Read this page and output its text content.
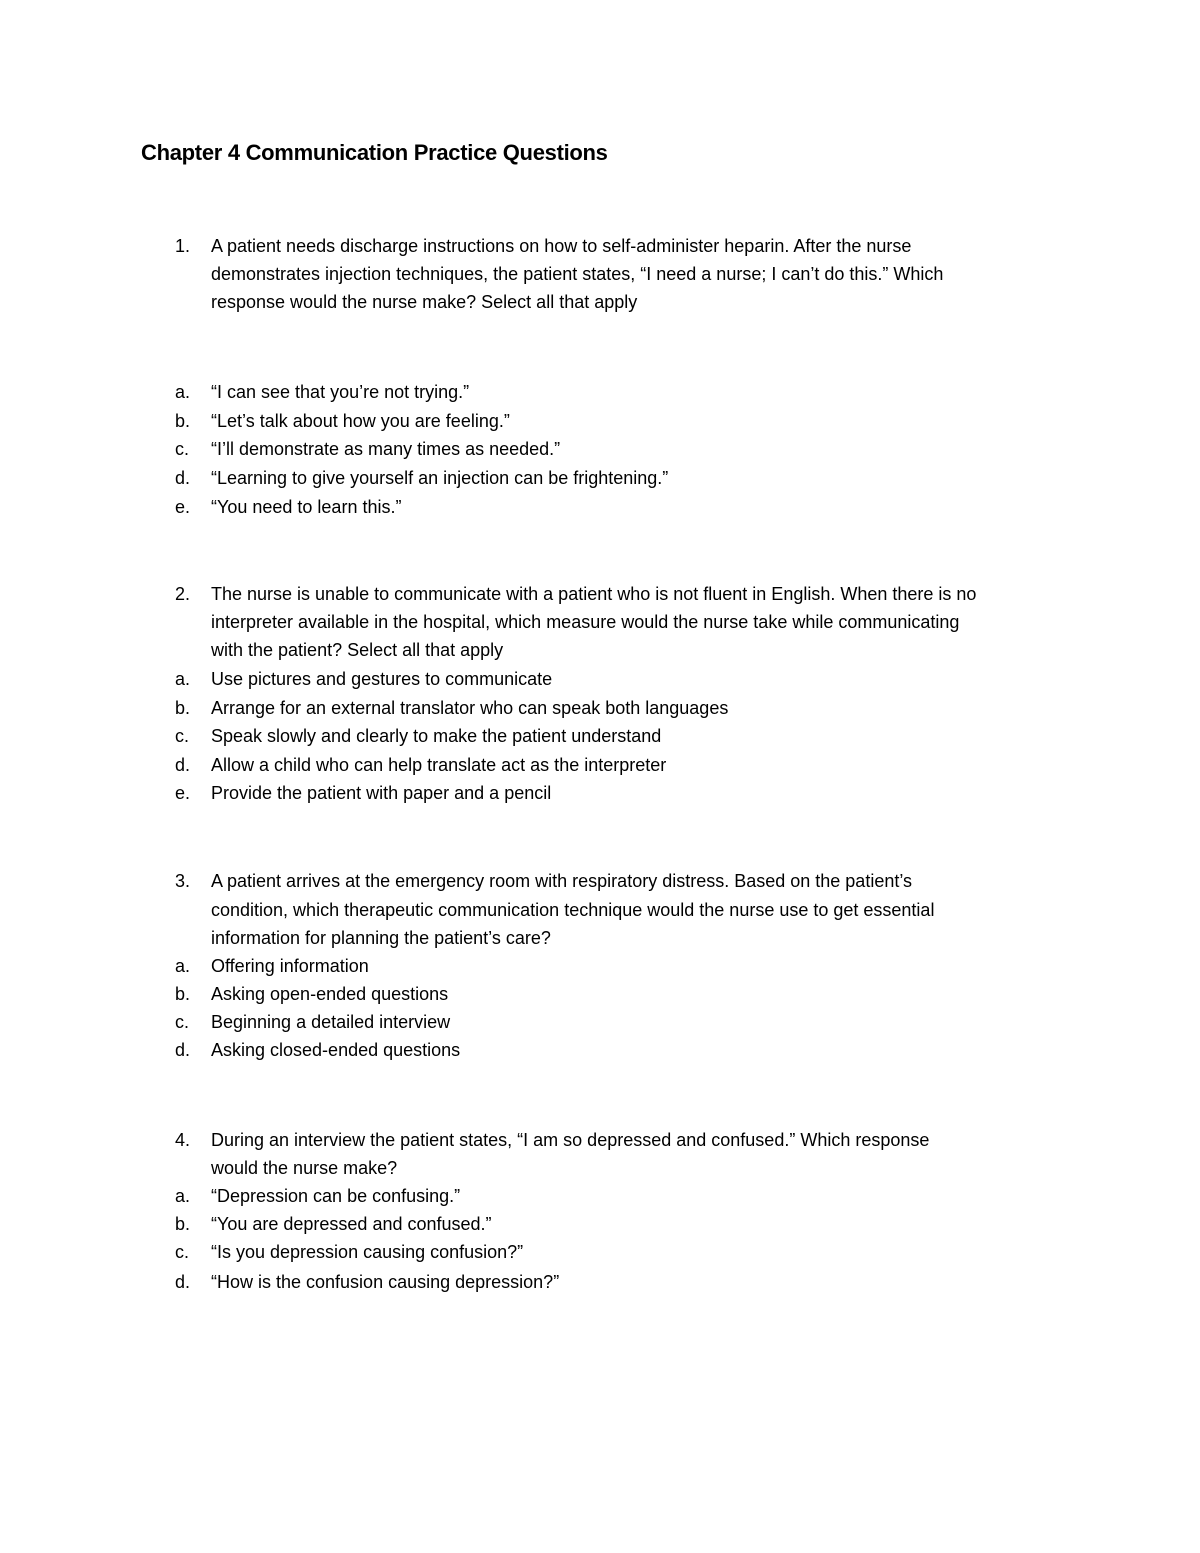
Chapter 4 Communication Practice Questions
1. A patient needs discharge instructions on how to self-administer heparin. After the nurse
demonstrates injection techniques, the patient states, “I need a nurse; I can’t do this.” Which
response would the nurse make? Select all that apply
a. “I can see that you’re not trying.”
b. “Let’s talk about how you are feeling.”
c. “I’ll demonstrate as many times as needed.”
d. “Learning to give yourself an injection can be frightening.”
e. “You need to learn this.”
2. The nurse is unable to communicate with a patient who is not fluent in English. When there is no
interpreter available in the hospital, which measure would the nurse take while communicating
with the patient? Select all that apply
a. Use pictures and gestures to communicate
b. Arrange for an external translator who can speak both languages
c. Speak slowly and clearly to make the patient understand
d. Allow a child who can help translate act as the interpreter
e. Provide the patient with paper and a pencil
3. A patient arrives at the emergency room with respiratory distress. Based on the patient’s
condition, which therapeutic communication technique would the nurse use to get essential
information for planning the patient’s care?
a. Offering information
b. Asking open-ended questions
c. Beginning a detailed interview
d. Asking closed-ended questions
4. During an interview the patient states, “I am so depressed and confused.” Which response
would the nurse make?
a. “Depression can be confusing.”
b. “You are depressed and confused.”
c. “Is you depression causing confusion?”
d. “How is the confusion causing depression?”
